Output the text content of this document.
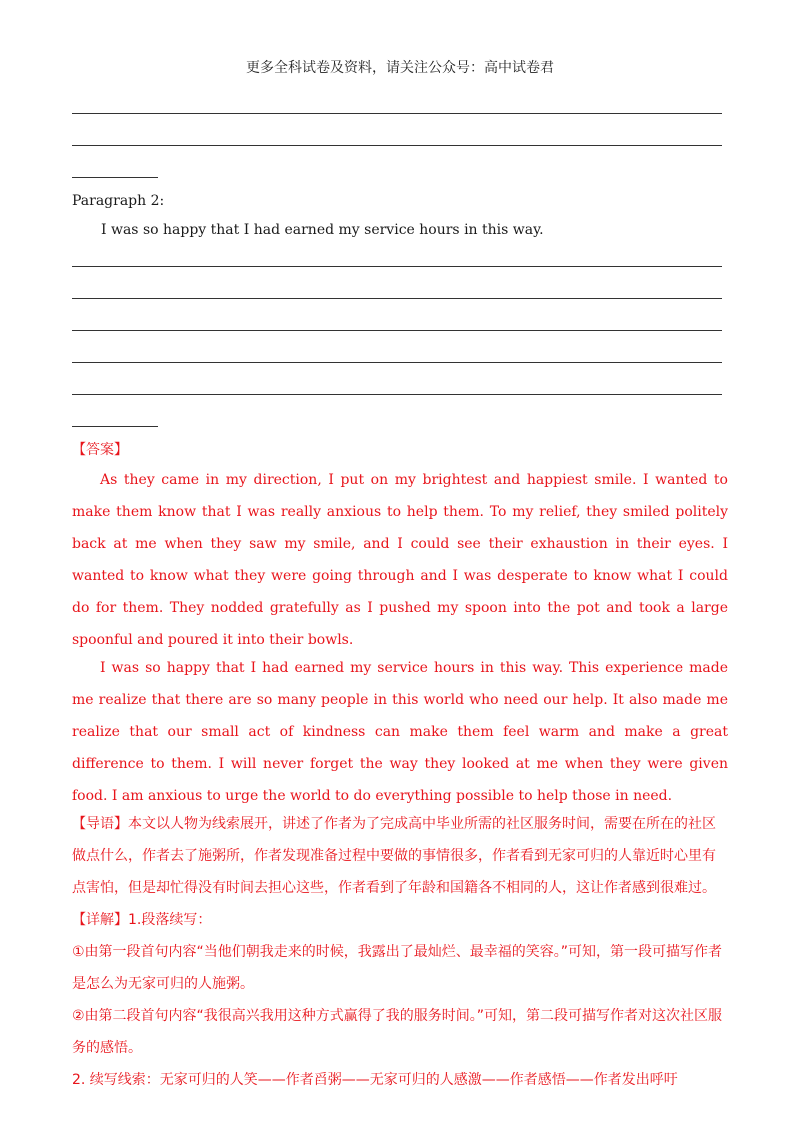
更多全科试卷及资料，请关注公众号：高中试卷君
Paragraph 2:
I was so happy that I had earned my service hours in this way.

【答案】

As they came in my direction, I put on my brightest and happiest smile. I wanted to make them know that I was really anxious to help them. To my relief, they smiled politely back at me when they saw my smile, and I could see their exhaustion in their eyes. I wanted to know what they were going through and I was desperate to know what I could do for them. They nodded gratefully as I pushed my spoon into the pot and took a large spoonful and poured it into their bowls.

I was so happy that I had earned my service hours in this way. This experience made me realize that there are so many people in this world who need our help. It also made me realize that our small act of kindness can make them feel warm and make a great difference to them. I will never forget the way they looked at me when they were given food. I am anxious to urge the world to do everything possible to help those in need.

【导语】本文以人物为线索展开，讲述了作者为了完成高中毕业所需的社区服务时间，需要在所在的社区做点什么，作者去了施粥所，作者发现准备过程中要做的事情很多，作者看到无家可归的人靠近时心里有点害怕，但是却忙得没有时间去担心这些，作者看到了年龄和国籍各不相同的人，这让作者感到很难过。

【详解】1.段落续写：

①由第一段首句内容“当他们朝我走来的时候，我露出了最灿烂、最幸福的笑容。”可知，第一段可描写作者是怎么为无家可归的人施粥。

②由第二段首句内容“我很高兴我用这种方式赢得了我的服务时间。”可知，第二段可描写作者对这次社区服务的感悟。

2. 续写线索：无家可归的人笑——作者舀粥——无家可归的人感激——作者感悟——作者发出呼吁
